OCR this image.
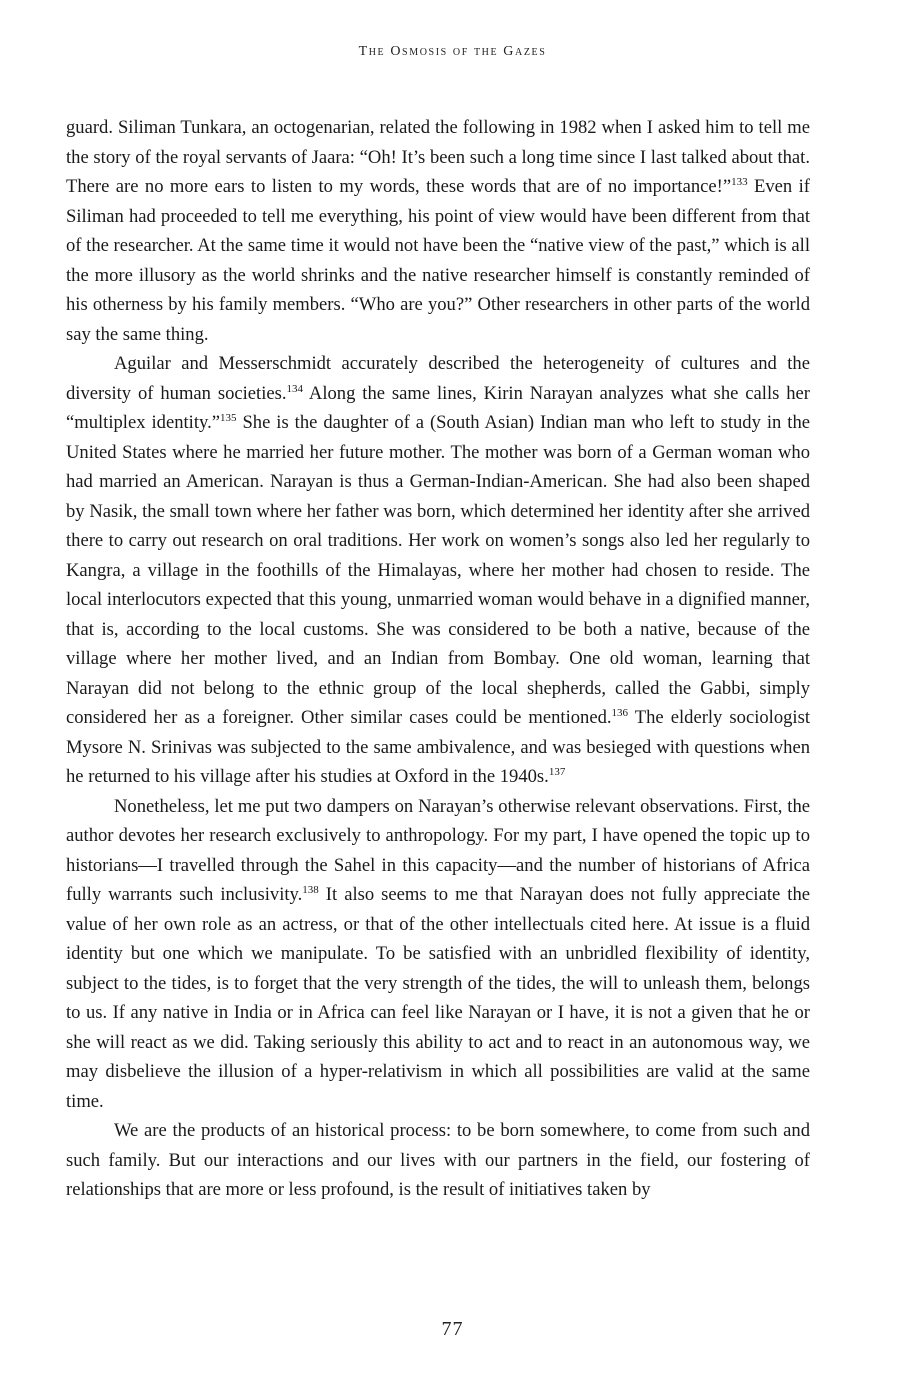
The Osmosis of the Gazes

guard. Siliman Tunkara, an octogenarian, related the following in 1982 when I asked him to tell me the story of the royal servants of Jaara: “Oh! It’s been such a long time since I last talked about that. There are no more ears to listen to my words, these words that are of no importance!”$^{133}$ Even if Siliman had proceeded to tell me everything, his point of view would have been different from that of the researcher. At the same time it would not have been the “native view of the past,” which is all the more illusory as the world shrinks and the native researcher himself is constantly reminded of his otherness by his family members. “Who are you?” Other researchers in other parts of the world say the same thing.

Aguilar and Messerschmidt accurately described the heterogeneity of cultures and the diversity of human societies.$^{134}$ Along the same lines, Kirin Narayan analyzes what she calls her “multiplex identity.”$^{135}$ She is the daughter of a (South Asian) Indian man who left to study in the United States where he married her future mother. The mother was born of a German woman who had married an American. Narayan is thus a German-Indian-American. She had also been shaped by Nasik, the small town where her father was born, which determined her identity after she arrived there to carry out research on oral traditions. Her work on women’s songs also led her regularly to Kangra, a village in the foothills of the Himalayas, where her mother had chosen to reside. The local interlocutors expected that this young, unmarried woman would behave in a dignified manner, that is, according to the local customs. She was considered to be both a native, because of the village where her mother lived, and an Indian from Bombay. One old woman, learning that Narayan did not belong to the ethnic group of the local shepherds, called the Gabbi, simply considered her as a foreigner. Other similar cases could be mentioned.$^{136}$ The elderly sociologist Mysore N. Srinivas was subjected to the same ambivalence, and was besieged with questions when he returned to his village after his studies at Oxford in the 1940s.$^{137}$

Nonetheless, let me put two dampers on Narayan’s otherwise relevant observations. First, the author devotes her research exclusively to anthropology. For my part, I have opened the topic up to historians—I travelled through the Sahel in this capacity—and the number of historians of Africa fully warrants such inclusivity.$^{138}$ It also seems to me that Narayan does not fully appreciate the value of her own role as an actress, or that of the other intellectuals cited here. At issue is a fluid identity but one which we manipulate. To be satisfied with an unbridled flexibility of identity, subject to the tides, is to forget that the very strength of the tides, the will to unleash them, belongs to us. If any native in India or in Africa can feel like Narayan or I have, it is not a given that he or she will react as we did. Taking seriously this ability to act and to react in an autonomous way, we may disbelieve the illusion of a hyper-relativism in which all possibilities are valid at the same time.

We are the products of an historical process: to be born somewhere, to come from such and such family. But our interactions and our lives with our partners in the field, our fostering of relationships that are more or less profound, is the result of initiatives taken by

77
